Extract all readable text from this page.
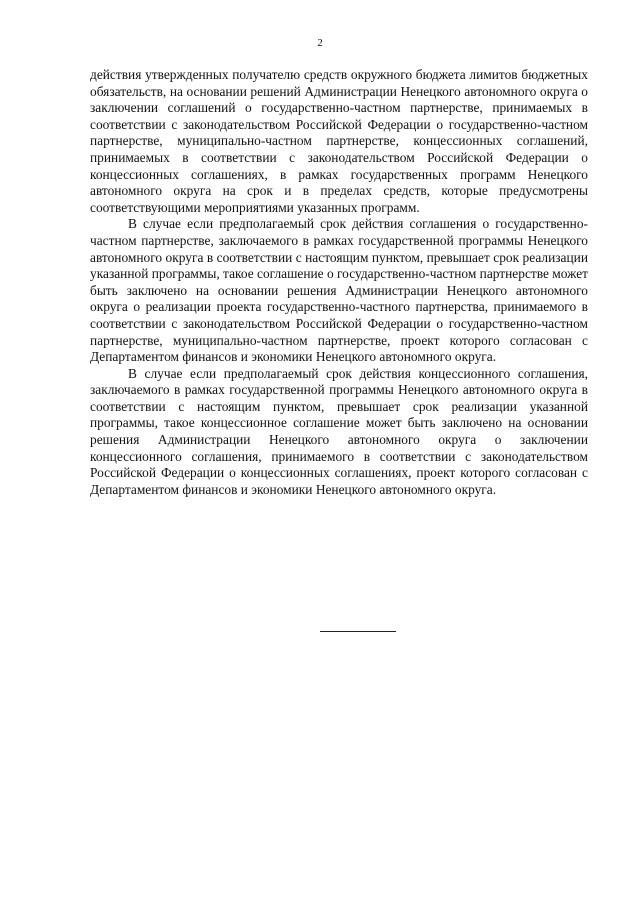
2

действия утвержденных получателю средств окружного бюджета лимитов бюджетных обязательств, на основании решений Администрации Ненецкого автономного округа о заключении соглашений о государственно-частном партнерстве, принимаемых в соответствии с законодательством Российской Федерации о государственно-частном партнерстве, муниципально-частном партнерстве, концессионных соглашений, принимаемых в соответствии с законодательством Российской Федерации о концессионных соглашениях, в рамках государственных программ Ненецкого автономного округа на срок и в пределах средств, которые предусмотрены соответствующими мероприятиями указанных программ.

В случае если предполагаемый срок действия соглашения о государственно-частном партнерстве, заключаемого в рамках государственной программы Ненецкого автономного округа в соответствии с настоящим пунктом, превышает срок реализации указанной программы, такое соглашение о государственно-частном партнерстве может быть заключено на основании решения Администрации Ненецкого автономного округа о реализации проекта государственно-частного партнерства, принимаемого в соответствии с законодательством Российской Федерации о государственно-частном партнерстве, муниципально-частном партнерстве, проект которого согласован с Департаментом финансов и экономики Ненецкого автономного округа.

В случае если предполагаемый срок действия концессионного соглашения, заключаемого в рамках государственной программы Ненецкого автономного округа в соответствии с настоящим пунктом, превышает срок реализации указанной программы, такое концессионное соглашение может быть заключено на основании решения Администрации Ненецкого автономного округа о заключении концессионного соглашения, принимаемого в соответствии с законодательством Российской Федерации о концессионных соглашениях, проект которого согласован с Департаментом финансов и экономики Ненецкого автономного округа.
